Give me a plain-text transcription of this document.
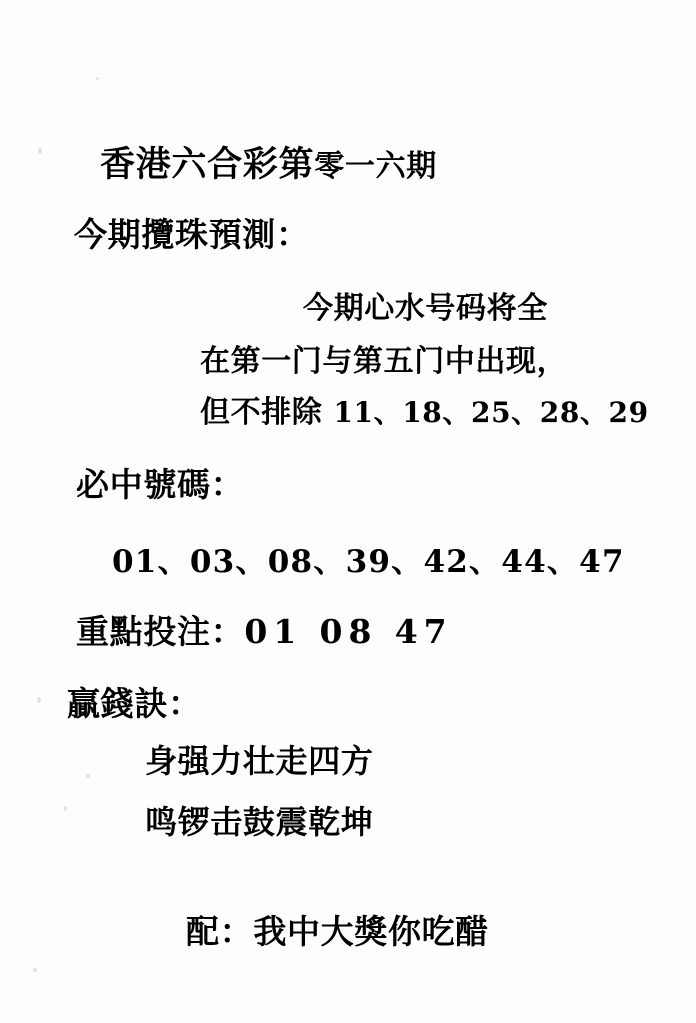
香港六合彩第零一六期
今期攬珠預測：
今期心水号码将全
在第一门与第五门中出现，
但不排除 11、18、25、28、29
必中號碼：
01、03、08、39、42、44、47
重點投注：01 08 47
贏錢訣：
身强力壮走四方
鸣锣击鼓震乾坤
配：我中大獎你吃醋
